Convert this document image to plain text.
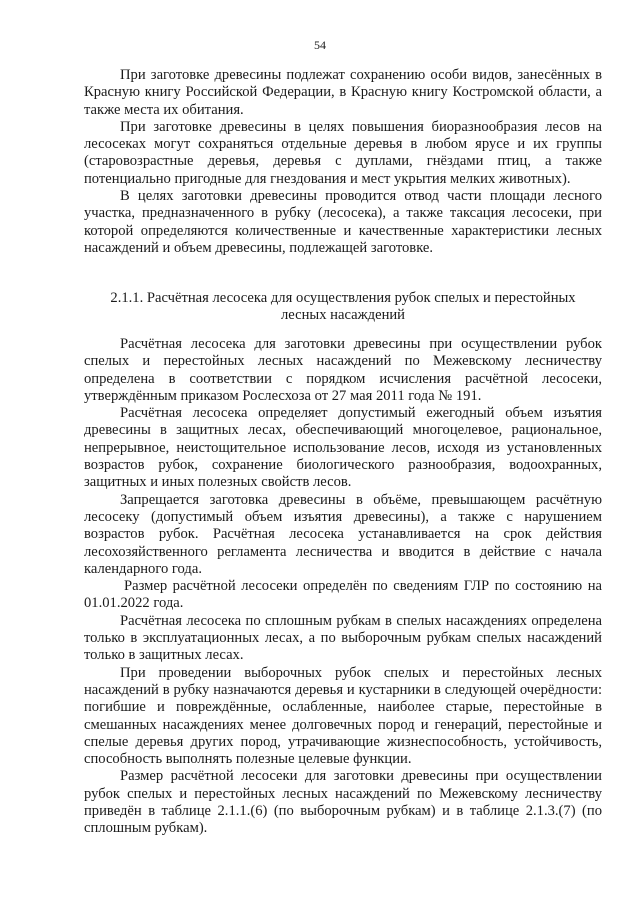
54

При заготовке древесины подлежат сохранению особи видов, занесённых в Красную книгу Российской Федерации, в Красную книгу Костромской области, а также места их обитания.

При заготовке древесины в целях повышения биоразнообразия лесов на лесосеках могут сохраняться отдельные деревья в любом ярусе и их группы (старовозрастные деревья, деревья с дуплами, гнёздами птиц, а также потенциально пригодные для гнездования и мест укрытия мелких животных).

В целях заготовки древесины проводится отвод части площади лесного участка, предназначенного в рубку (лесосека), а также таксация лесосеки, при которой определяются количественные и качественные характеристики лесных насаждений и объем древесины, подлежащей заготовке.

2.1.1. Расчётная лесосека для осуществления рубок спелых и перестойных
лесных насаждений

Расчётная лесосека для заготовки древесины при осуществлении рубок спелых и перестойных лесных насаждений по Межевскому лесничеству определена в соответствии с порядком исчисления расчётной лесосеки, утверждённым приказом Рослесхоза от 27 мая 2011 года № 191.

Расчётная лесосека определяет допустимый ежегодный объем изъятия древесины в защитных лесах, обеспечивающий многоцелевое, рациональное, непрерывное, неистощительное использование лесов, исходя из установленных возрастов рубок, сохранение биологического разнообразия, водоохранных, защитных и иных полезных свойств лесов.

Запрещается заготовка древесины в объёме, превышающем расчётную лесосеку (допустимый объем изъятия древесины), а также с нарушением возрастов рубок. Расчётная лесосека устанавливается на срок действия лесохозяйственного регламента лесничества и вводится в действие с начала календарного года.

Размер расчётной лесосеки определён по сведениям ГЛР по состоянию на 01.01.2022 года.

Расчётная лесосека по сплошным рубкам в спелых насаждениях определена только в эксплуатационных лесах, а по выборочным рубкам спелых насаждений только в защитных лесах.

При проведении выборочных рубок спелых и перестойных лесных насаждений в рубку назначаются деревья и кустарники в следующей очерёдности: погибшие и повреждённые, ослабленные, наиболее старые, перестойные в смешанных насаждениях менее долговечных пород и генераций, перестойные и спелые деревья других пород, утрачивающие жизнеспособность, устойчивость, способность выполнять полезные целевые функции.

Размер расчётной лесосеки для заготовки древесины при осуществлении рубок спелых и перестойных лесных насаждений по Межевскому лесничеству приведён в таблице 2.1.1.(6) (по выборочным рубкам) и в таблице 2.1.3.(7) (по сплошным рубкам).
